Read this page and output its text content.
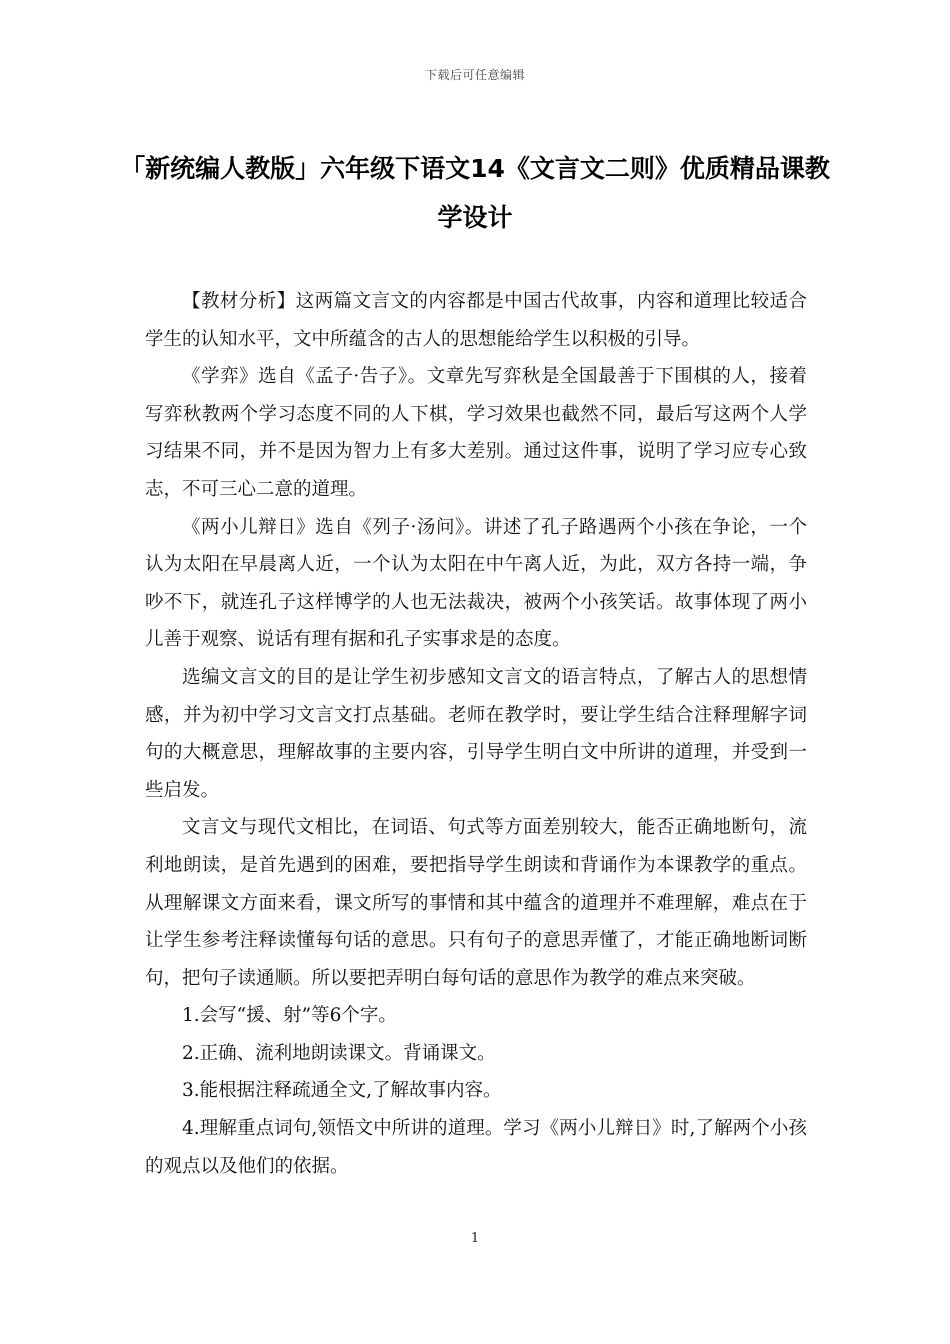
下载后可任意编辑
「新统编人教版」六年级下语文14《文言文二则》优质精品课教学设计

【教材分析】这两篇文言文的内容都是中国古代故事，内容和道理比较适合学生的认知水平，文中所蕴含的古人的思想能给学生以积极的引导。

《学弈》选自《孟子·告子》。文章先写弈秋是全国最善于下围棋的人，接着写弈秋教两个学习态度不同的人下棋，学习效果也截然不同，最后写这两个人学习结果不同，并不是因为智力上有多大差别。通过这件事，说明了学习应专心致志，不可三心二意的道理。

《两小儿辩日》选自《列子·汤问》。讲述了孔子路遇两个小孩在争论，一个认为太阳在早晨离人近，一个认为太阳在中午离人近，为此，双方各持一端，争吵不下，就连孔子这样博学的人也无法裁决，被两个小孩笑话。故事体现了两小儿善于观察、说话有理有据和孔子实事求是的态度。

选编文言文的目的是让学生初步感知文言文的语言特点，了解古人的思想情感，并为初中学习文言文打点基础。老师在教学时，要让学生结合注释理解字词句的大概意思，理解故事的主要内容，引导学生明白文中所讲的道理，并受到一些启发。

文言文与现代文相比，在词语、句式等方面差别较大，能否正确地断句，流利地朗读，是首先遇到的困难，要把指导学生朗读和背诵作为本课教学的重点。从理解课文方面来看，课文所写的事情和其中蕴含的道理并不难理解，难点在于让学生参考注释读懂每句话的意思。只有句子的意思弄懂了，才能正确地断词断句，把句子读通顺。所以要把弄明白每句话的意思作为教学的难点来突破。

1.会写“援、射”等6个字。

2.正确、流利地朗读课文。背诵课文。

3.能根据注释疏通全文,了解故事内容。

4.理解重点词句,领悟文中所讲的道理。学习《两小儿辩日》时,了解两个小孩的观点以及他们的依据。

1
